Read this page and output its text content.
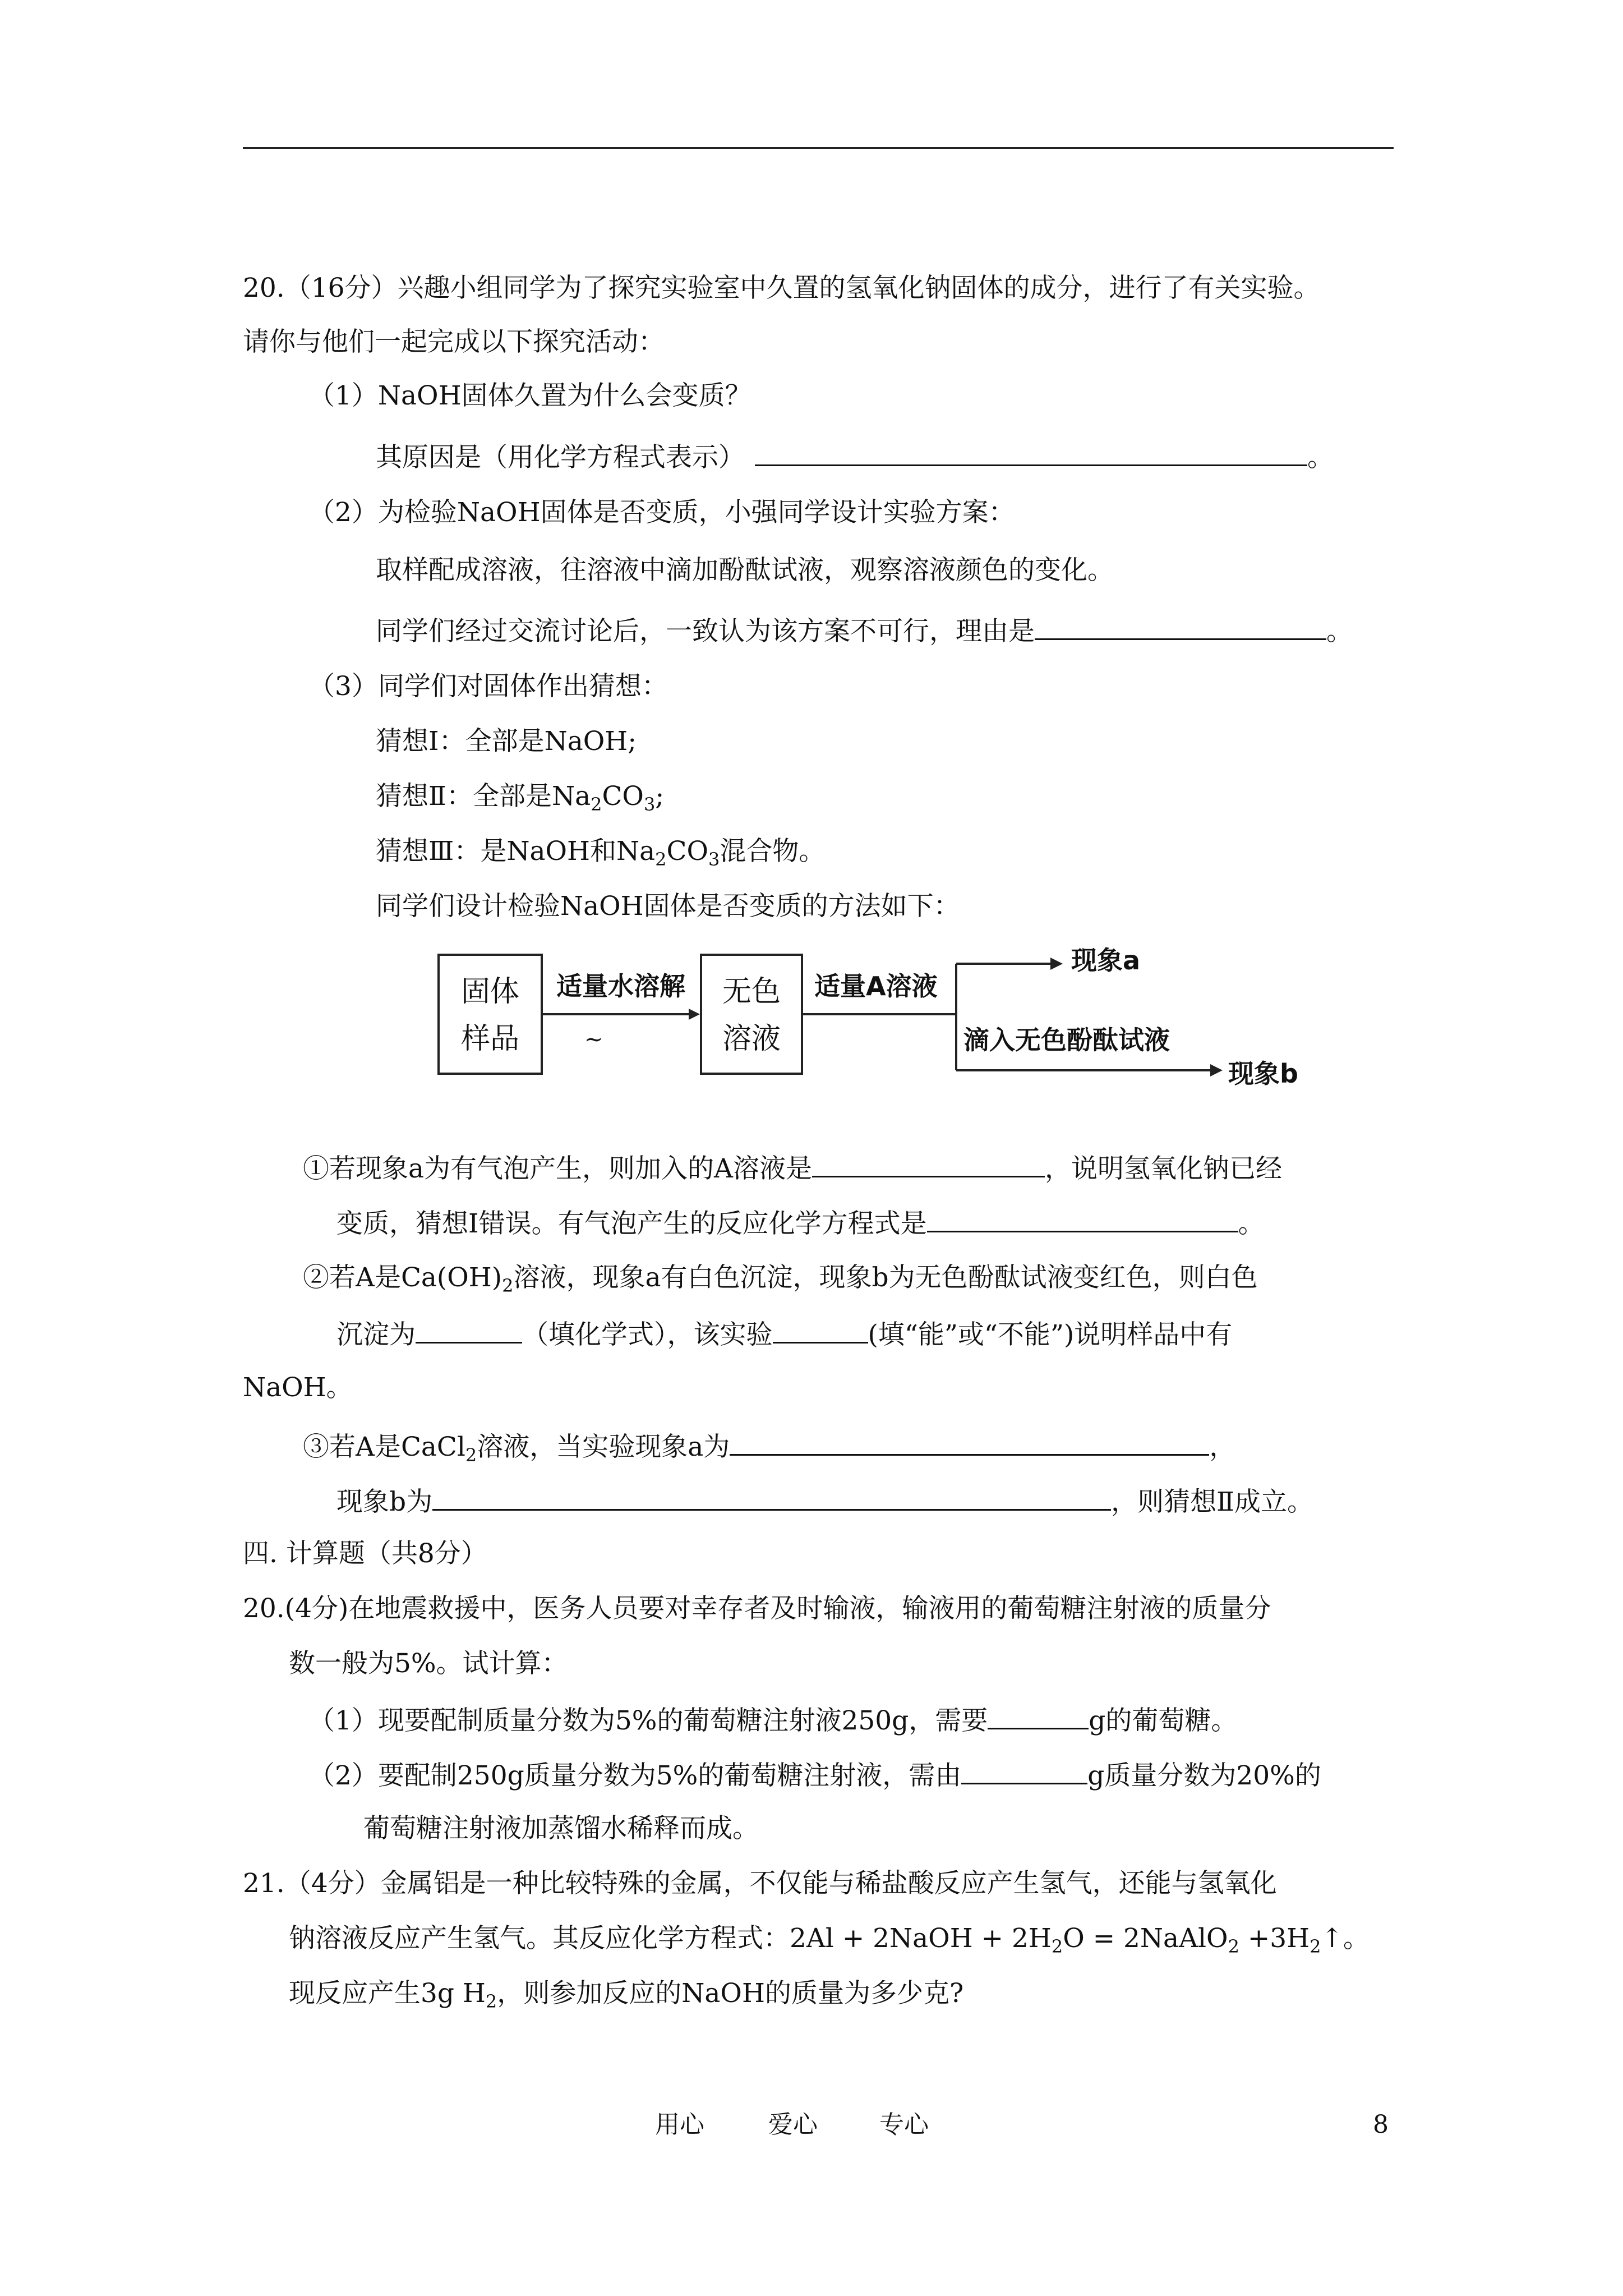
20.（16分）兴趣小组同学为了探究实验室中久置的氢氧化钠固体的成分，进行了有关实验。
请你与他们一起完成以下探究活动：
（1）NaOH固体久置为什么会变质？
其原因是（用化学方程式表示）	。
（2）为检验NaOH固体是否变质，小强同学设计实验方案：
取样配成溶液，往溶液中滴加酚酞试液，观察溶液颜色的变化。
同学们经过交流讨论后，一致认为该方案不可行，理由是	。
（3）同学们对固体作出猜想：
猜想Ⅰ：全部是NaOH;
猜想Ⅱ：全部是$Na_2CO_3$;
猜想Ⅲ：是NaOH和$Na_2CO_3$混合物。
同学们设计检验NaOH固体是否变质的方法如下：
固体
样品
适量水溶解
~
无色
溶液
适量A溶液
现象a
滴入无色酚酞试液
现象b
①若现象a为有气泡产生，则加入的A溶液是	，说明氢氧化钠已经
变质，猜想Ⅰ错误。有气泡产生的反应化学方程式是	。
②若A是$Ca(OH)_2$溶液，现象a有白色沉淀，现象b为无色酚酞试液变红色，则白色
沉淀为	（填化学式），该实验	(填“能”或“不能”)说明样品中有
NaOH。
③若A是CaCl$_2$溶液，当实验现象a为	，
现象b为	，则猜想Ⅱ成立。
四. 计算题（共8分）
20.(4分)在地震救援中，医务人员要对幸存者及时输液，输液用的葡萄糖注射液的质量分
数一般为5%。试计算：
（1）现要配制质量分数为5%的葡萄糖注射液250g，需要	g的葡萄糖。
（2）要配制250g质量分数为5%的葡萄糖注射液，需由	g质量分数为20%的
葡萄糖注射液加蒸馏水稀释而成。
21.（4分）金属铝是一种比较特殊的金属，不仅能与稀盐酸反应产生氢气，还能与氢氧化
钠溶液反应产生氢气。其反应化学方程式：2Al + 2NaOH + $2H_2O$ = 2NaAlO$_2$ $+3H_2↑$。
现反应产生3g $H_2$，则参加反应的NaOH的质量为多少克?
用心	爱心	专心	8
